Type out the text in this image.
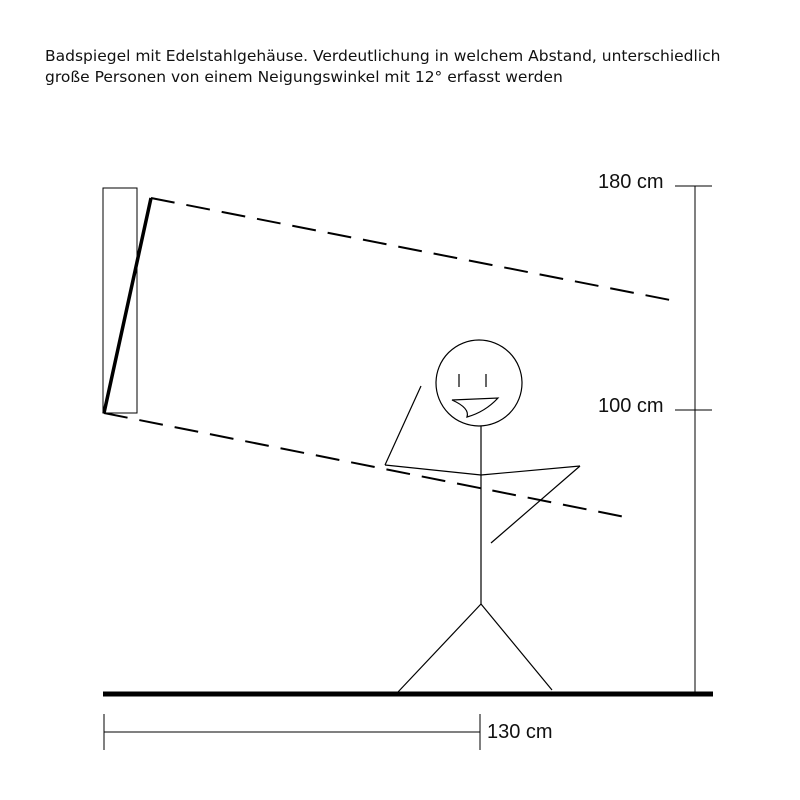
Badspiegel mit Edelstahlgehäuse. Verdeutlichung in welchem Abstand, unterschiedlich
große Personen von einem Neigungswinkel mit 12° erfasst werden
180 cm
100 cm
130 cm
